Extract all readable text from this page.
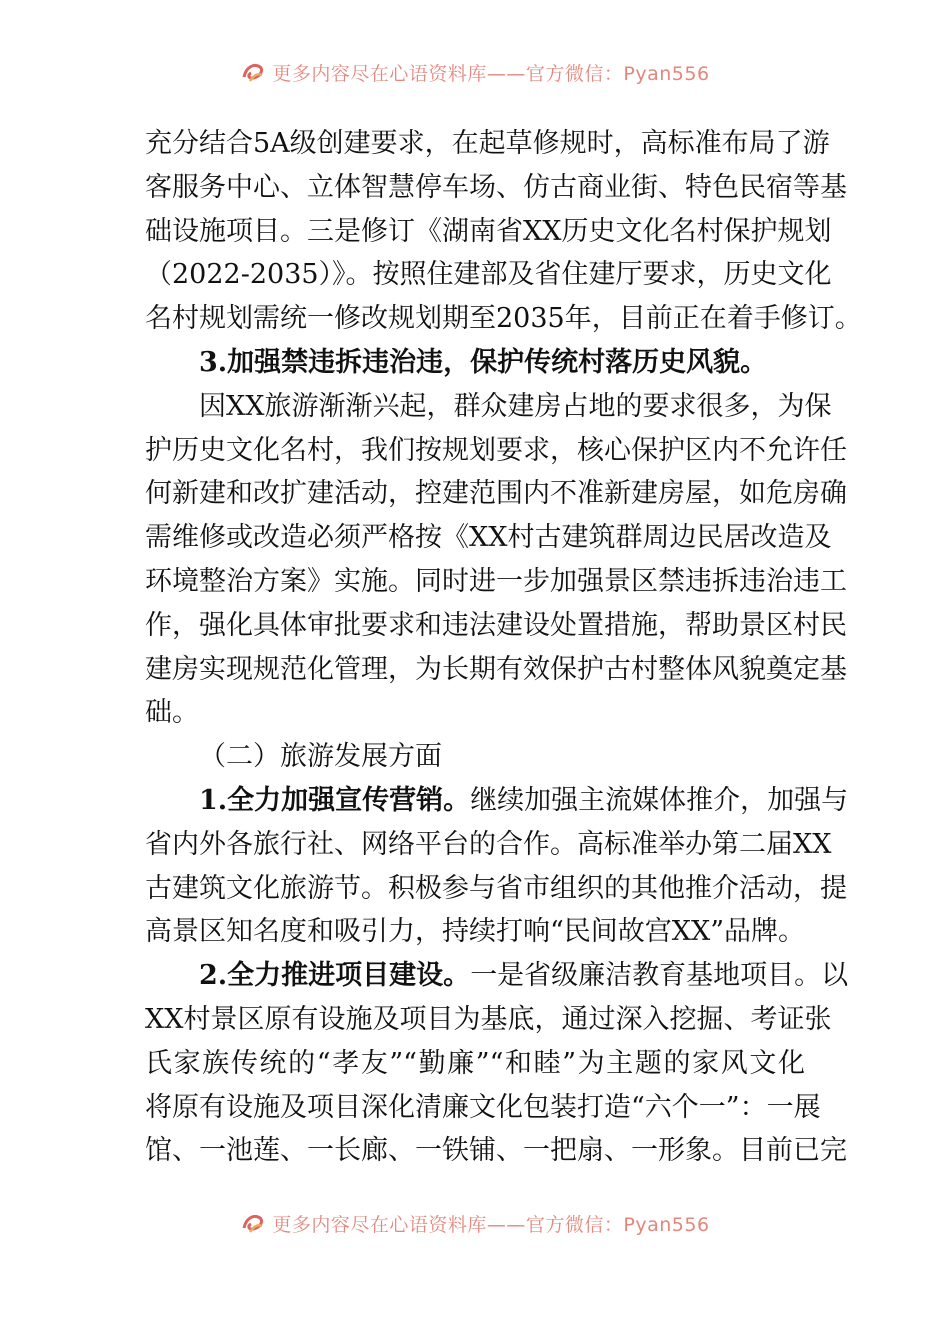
更多内容尽在心语资料库——官方微信：Pyan556
充分结合5A级创建要求，在起草修规时，高标准布局了游
客服务中心、立体智慧停车场、仿古商业街、特色民宿等基
础设施项目。三是修订《湖南省XX历史文化名村保护规划
（2022-2035）》。按照住建部及省住建厅要求，历史文化
名村规划需统一修改规划期至2035年，目前正在着手修订。
3.加强禁违拆违治违，保护传统村落历史风貌。
因XX旅游渐渐兴起，群众建房占地的要求很多，为保
护历史文化名村，我们按规划要求，核心保护区内不允许任
何新建和改扩建活动，控建范围内不准新建房屋，如危房确
需维修或改造必须严格按《XX村古建筑群周边民居改造及
环境整治方案》实施。同时进一步加强景区禁违拆违治违工
作，强化具体审批要求和违法建设处置措施，帮助景区村民
建房实现规范化管理，为长期有效保护古村整体风貌奠定基
础。
（二）旅游发展方面
1.全力加强宣传营销。继续加强主流媒体推介，加强与
省内外各旅行社、网络平台的合作。高标准举办第二届XX
古建筑文化旅游节。积极参与省市组织的其他推介活动，提
高景区知名度和吸引力，持续打响“民间故宫XX”品牌。
2.全力推进项目建设。一是省级廉洁教育基地项目。以
XX村景区原有设施及项目为基底，通过深入挖掘、考证张
氏家族传统的“孝友”“勤廉”“和睦”为主题的家风文化
将原有设施及项目深化清廉文化包装打造“六个一”：一展
馆、一池莲、一长廊、一铁铺、一把扇、一形象。目前已完
更多内容尽在心语资料库——官方微信：Pyan556
